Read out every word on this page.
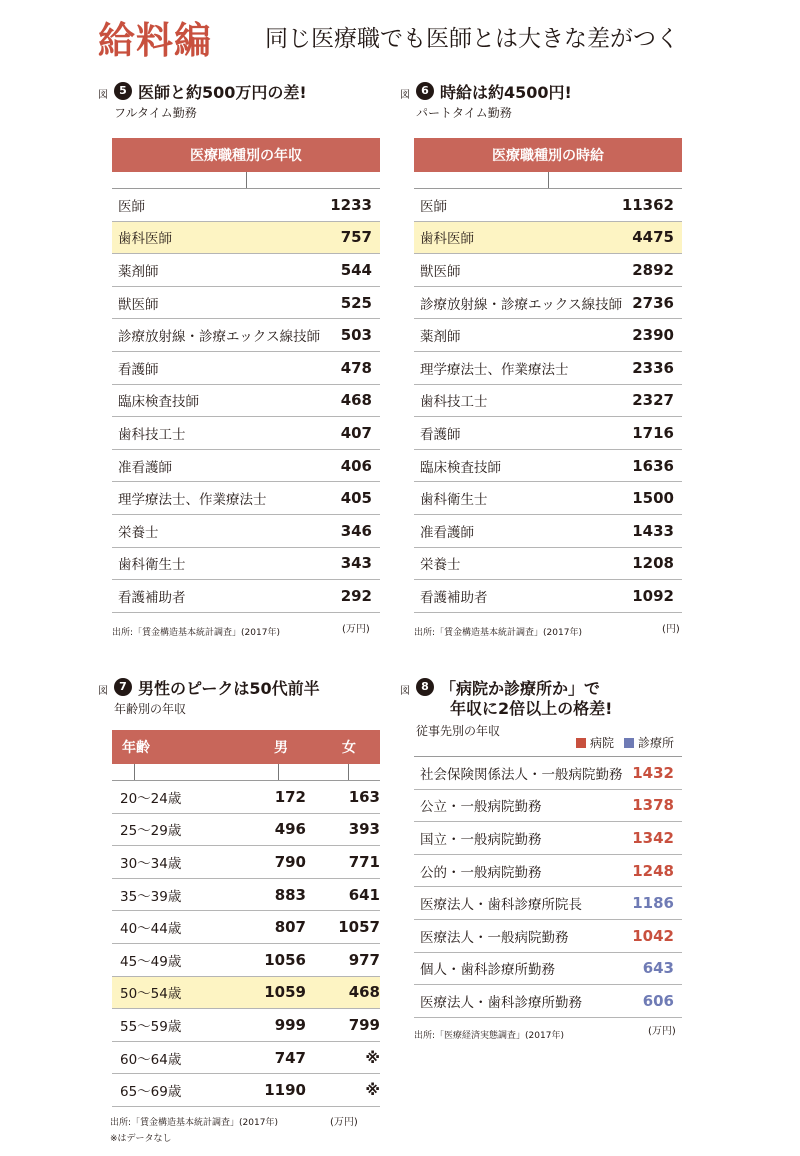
給料編 同じ医療職でも医師とは大きな差がつく
図	5 医師と約500万円の差!
フルタイム勤務
医療職種別の年収
医師	1233
歯科医師	757
薬剤師	544
獣医師	525
診療放射線・診療エックス線技師	503
看護師	478
臨床検査技師	468
歯科技工士	407
准看護師	406
理学療法士、作業療法士	405
栄養士	346
歯科衛生士	343
看護補助者	292
出所:「賃金構造基本統計調査」(2017年)	(万円)
図	6 時給は約4500円!
パートタイム勤務
医療職種別の時給
医師	11362
歯科医師	4475
獣医師	2892
診療放射線・診療エックス線技師 2736
薬剤師	2390
理学療法士、作業療法士	2336
歯科技工士	2327
看護師	1716
臨床検査技師	1636
歯科衛生士	1500
准看護師	1433
栄養士	1208
看護補助者	1092
出所:「賃金構造基本統計調査」(2017年)	(円)
図	7 男性のピークは50代前半
年齢別の年収
年齢	男	女
20〜24歳	172	163
25〜29歳	496	393
30〜34歳	790	771
35〜39歳	883	641
40〜44歳	807	1057
45〜49歳	1056	977
50〜54歳	1059	468
55〜59歳	999	799
60〜64歳	747	※
65〜69歳	1190	※
出所:「賃金構造基本統計調査」(2017年)	(万円)
※はデータなし
図	8 「病院か診療所か」で
年収に2倍以上の格差!
従事先別の年収
病院 診療所
社会保険関係法人・一般病院勤務 1432
公立・一般病院勤務	1378
国立・一般病院勤務	1342
公的・一般病院勤務	1248
医療法人・歯科診療所院長	1186
医療法人・一般病院勤務	1042
個人・歯科診療所勤務	643
医療法人・歯科診療所勤務	606
出所:「医療経済実態調査」(2017年)	(万円)
